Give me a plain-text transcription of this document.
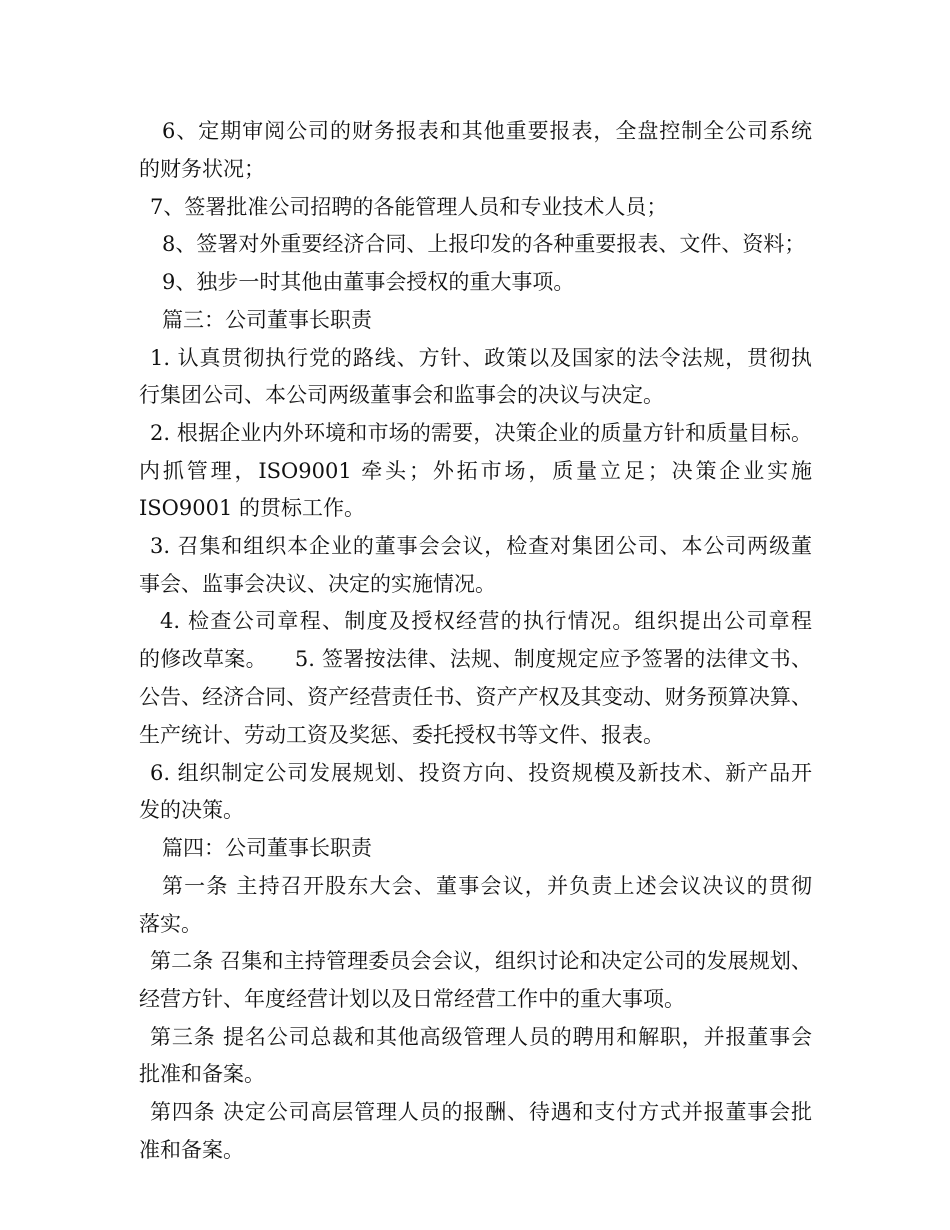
6、定期审阅公司的财务报表和其他重要报表，全盘控制全公司系统
的财务状况；
7、签署批准公司招聘的各能管理人员和专业技术人员；
8、签署对外重要经济合同、上报印发的各种重要报表、文件、资料；
9、独步一时其他由董事会授权的重大事项。
篇三：公司董事长职责
1. 认真贯彻执行党的路线、方针、政策以及国家的法令法规，贯彻执
行集团公司、本公司两级董事会和监事会的决议与决定。
2. 根据企业内外环境和市场的需要，决策企业的质量方针和质量目标。
内抓管理，ISO9001 牵头；外拓市场，质量立足；决策企业实施
ISO9001 的贯标工作。
3. 召集和组织本企业的董事会会议，检查对集团公司、本公司两级董
事会、监事会决议、决定的实施情况。
4. 检查公司章程、制度及授权经营的执行情况。组织提出公司章程
的修改草案。    5. 签署按法律、法规、制度规定应予签署的法律文书、
公告、经济合同、资产经营责任书、资产产权及其变动、财务预算决算、
生产统计、劳动工资及奖惩、委托授权书等文件、报表。
6. 组织制定公司发展规划、投资方向、投资规模及新技术、新产品开
发的决策。
篇四：公司董事长职责
第一条 主持召开股东大会、董事会议，并负责上述会议决议的贯彻
落实。
第二条 召集和主持管理委员会会议，组织讨论和决定公司的发展规划、
经营方针、年度经营计划以及日常经营工作中的重大事项。
第三条 提名公司总裁和其他高级管理人员的聘用和解职，并报董事会
批准和备案。
第四条 决定公司高层管理人员的报酬、待遇和支付方式并报董事会批
准和备案。
